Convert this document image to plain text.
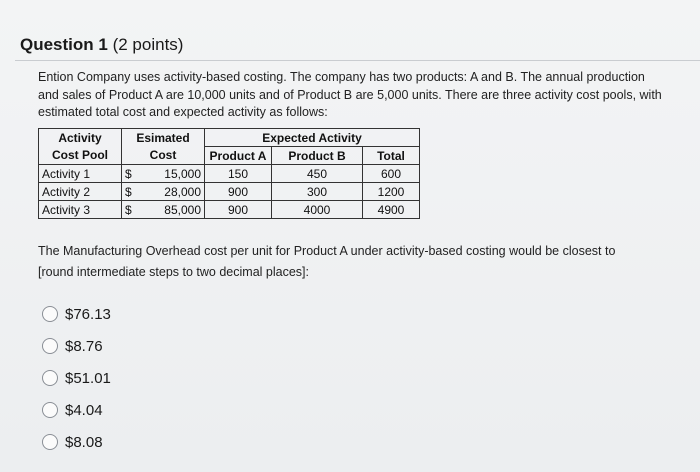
Question 1 (2 points)
Ention Company uses activity-based costing. The company has two products: A and B. The annual production and sales of Product A are 10,000 units and of Product B are 5,000 units. There are three activity cost pools, with estimated total cost and expected activity as follows:
Activity	Esimated		Expected Activity		
Cost Pool	Cost		Product A	Product B	Total
Activity 1	$	15,000	150	450	600
Activity 2	$	28,000	900	300	1200
Activity 3	$	85,000	900	4000	4900
The Manufacturing Overhead cost per unit for Product A under activity-based costing would be closest to [round intermediate steps to two decimal places]:
$76.13
$8.76
$51.01
$4.04
$8.08
